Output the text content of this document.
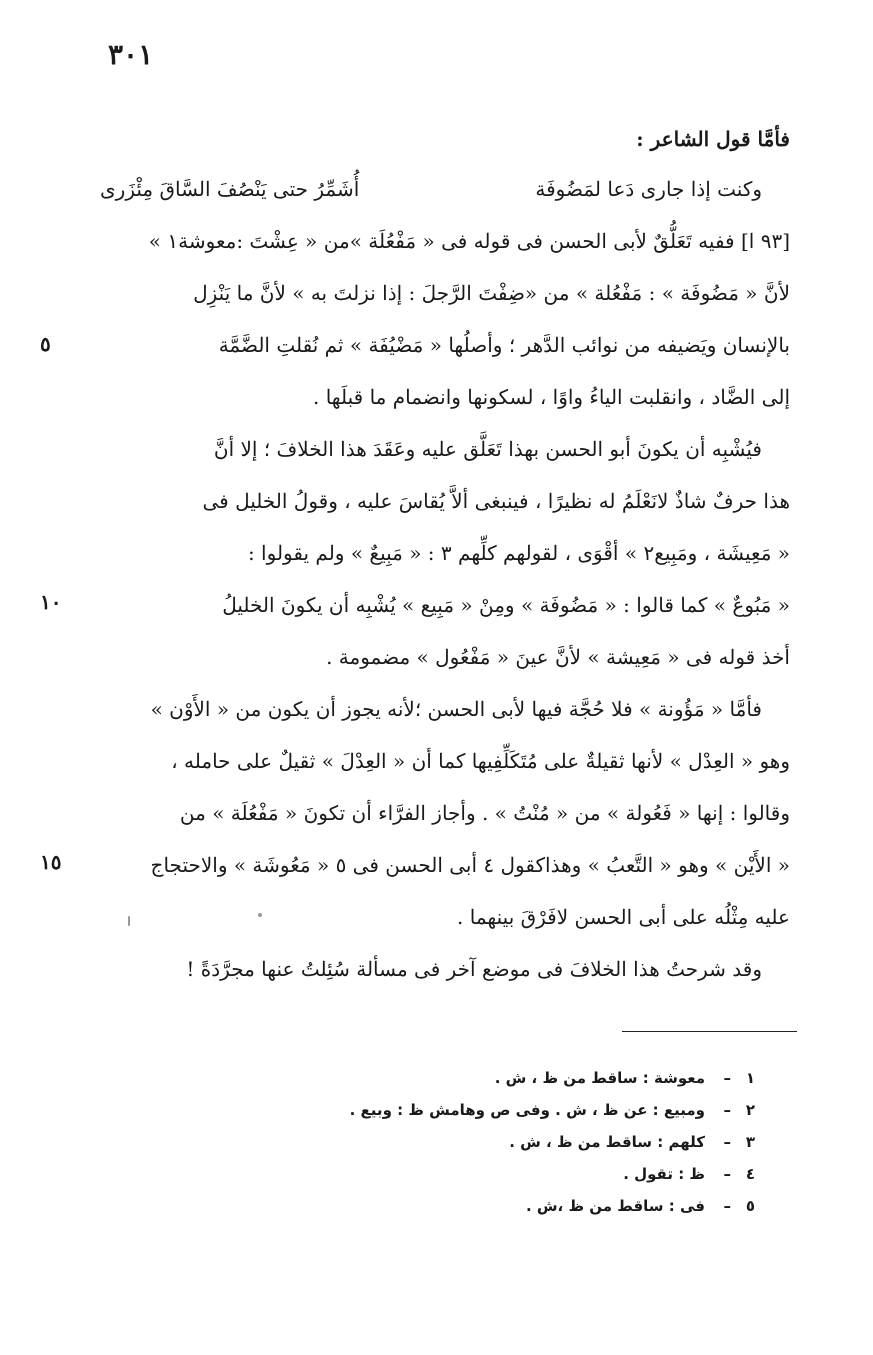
٣٠١
٥
١٠
١٥
فأمَّا قول الشاعر :
وكنت إذا جارى دَعا لمَضُوفَة
أُشَمِّرُ حتى يَنْصُفَ السَّاقَ مِئْزَرى
[٩٣ ا] ففيه تَعَلُّقٌ لأبى الحسن فى قوله فى « مَفْعُلَة »من « عِشْتَ :معوشة١ »
لأنَّ « مَضُوفَة » : مَفْعُلة » من «ضِفْتَ الرَّجلَ : إذا نزلتَ به » لأنَّ ما يَنْزِل
بالإنسان ويَضيفه من نوائب الدَّهر ؛ وأصلُها « مَضْيُفَة » ثم نُقلتِ الضَّمَّة
إلى الضَّاد ، وانقلبت الياءُ واوًا ، لسكونها وانضمام ما قبلَها .
فيُشْبِه أن يكونَ أبو الحسن بهذا تَعَلَّق عليه وعَقَدَ هذا الخلافَ ؛ إلا أنَّ
هذا حرفٌ شاذٌ لانَعْلَمُ له نظيرًا ، فينبغى ألاَّ يُقاسَ عليه ، وقولُ الخليل فى
« مَعِيشَة ، ومَبِيع٢ » أقْوَى ، لقولهم كلِّهم ٣ : « مَبِيعٌ » ولم يقولوا :
« مَبُوعٌ » كما قالوا : « مَضُوفَة » ومِنْ « مَبِيع » يُشْبِه أن يكونَ الخليلُ
أخذ قوله فى « مَعِيشة » لأنَّ عينَ « مَفْعُول » مضمومة .
فأمَّا « مَؤُونة » فلا حُجَّة فيها لأبى الحسن ؛لأنه يجوز أن يكون من « الأَوْن »
وهو « العِدْل » لأنها ثقيلةٌ على مُتَكَلِّفِيها كما أن « العِدْلَ » ثقيلٌ على حامله ،
وقالوا : إنها « فَعُولة » من « مُنْتُ » . وأجاز الفرَّاء أن تكونَ « مَفْعُلَة » من
« الأَيْن » وهو « التَّعبُ » وهذاكقول ٤ أبى الحسن فى ٥ « مَعُوشَة » والاحتجاج
عليه مِثْلُه على أبى الحسن لافَرْقَ بينهما .
وقد شرحتُ هذا الخلافَ فى موضع آخر فى مسألة سُئِلتُ عنها مجرَّدَةً !
١–معوشة : ساقط من ظ ، ش .
٢–ومبيع : عن ظ ، ش . وفى ص وهامش ظ : وبيع .
٣–كلهم : ساقط من ظ ، ش .
٤–ظ : تقول .
٥–فى : ساقط من ظ ،ش .
